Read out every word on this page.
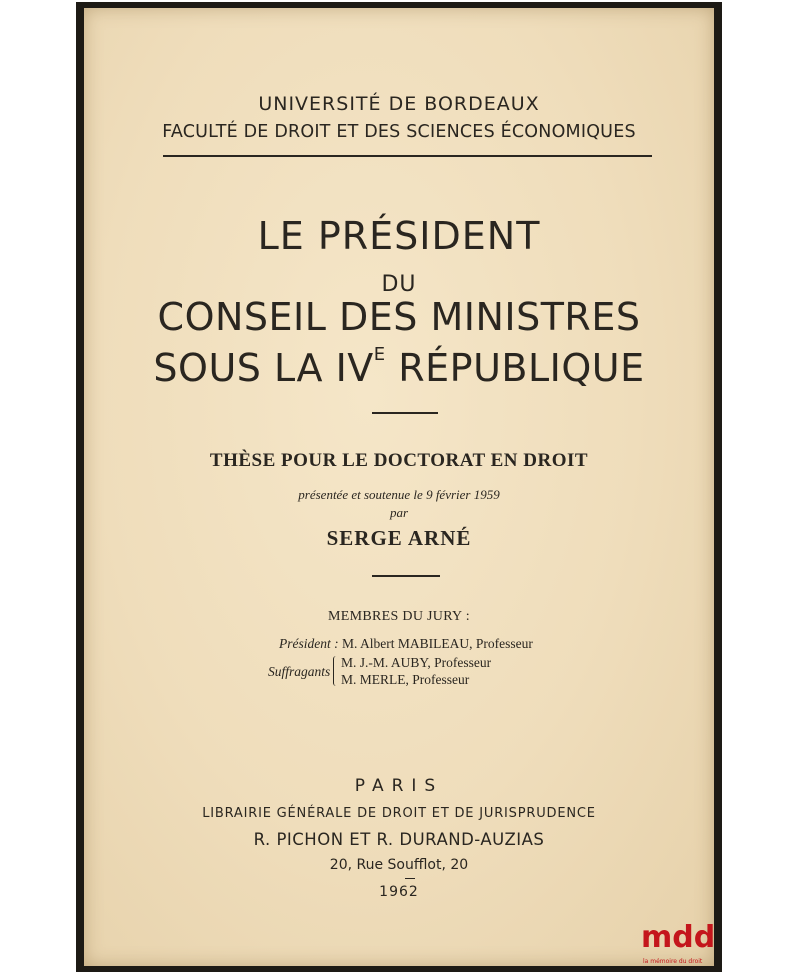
UNIVERSITÉ DE BORDEAUX
FACULTÉ DE DROIT ET DES SCIENCES ÉCONOMIQUES
LE PRÉSIDENT
DU
CONSEIL DES MINISTRES
SOUS LA $IV^E$ RÉPUBLIQUE
THÈSE POUR LE DOCTORAT EN DROIT
présentée et soutenue le 9 février 1959
par
SERGE ARNÉ
MEMBRES DU JURY :
Président : M. Albert MABILEAU, Professeur
Suffragants
M. J.-M. AUBY, Professeur
M. MERLE, Professeur
PARIS
LIBRAIRIE GÉNÉRALE DE DROIT ET DE JURISPRUDENCE
R. PICHON ET R. DURAND-AUZIAS
20, Rue Soufflot, 20
1962
mdd
la mémoire du droit
